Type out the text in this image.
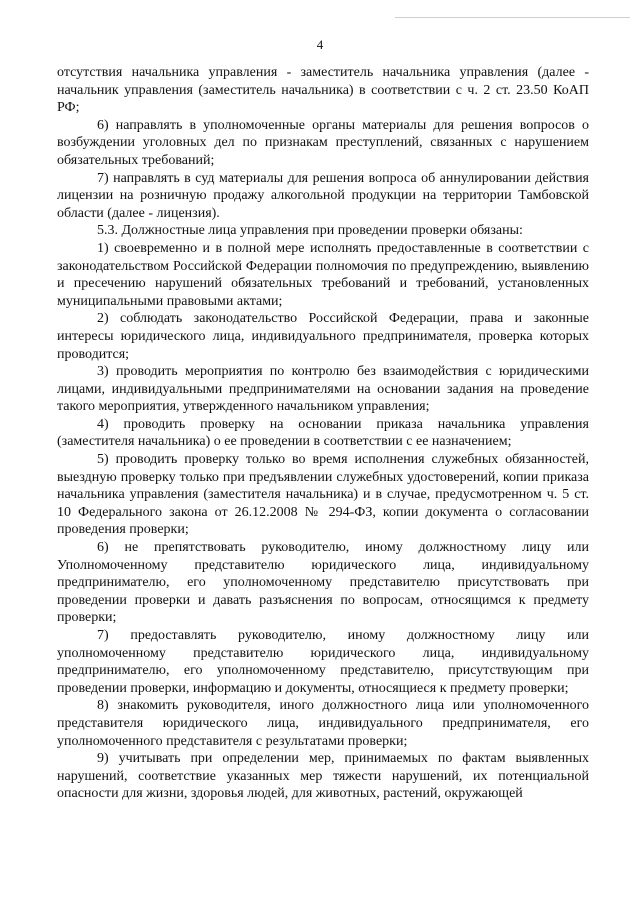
4

отсутствия начальника управления - заместитель начальника управления (далее - начальник управления (заместитель начальника) в соответствии с ч. 2 ст. 23.50 КоАП РФ;

6) направлять в уполномоченные органы материалы для решения вопросов о возбуждении уголовных дел по признакам преступлений, связанных с нарушением обязательных требований;

7) направлять в суд материалы для решения вопроса об аннулировании действия лицензии на розничную продажу алкогольной продукции на территории Тамбовской области (далее - лицензия).

5.3. Должностные лица управления при проведении проверки обязаны:

1) своевременно и в полной мере исполнять предоставленные в соответствии с законодательством Российской Федерации полномочия по предупреждению, выявлению и пресечению нарушений обязательных требований и требований, установленных муниципальными правовыми актами;

2) соблюдать законодательство Российской Федерации, права и законные интересы юридического лица, индивидуального предпринимателя, проверка которых проводится;

3) проводить мероприятия по контролю без взаимодействия с юридическими лицами, индивидуальными предпринимателями на основании задания на проведение такого мероприятия, утвержденного начальником управления;

4) проводить проверку на основании приказа начальника управления (заместителя начальника) о ее проведении в соответствии с ее назначением;

5) проводить проверку только во время исполнения служебных обязанностей, выездную проверку только при предъявлении служебных удостоверений, копии приказа начальника управления (заместителя начальника) и в случае, предусмотренном ч. 5 ст. 10 Федерального закона от 26.12.2008 № 294-ФЗ, копии документа о согласовании проведения проверки;

6) не препятствовать руководителю, иному должностному лицу или Уполномоченному представителю юридического лица, индивидуальному предпринимателю, его уполномоченному представителю присутствовать при проведении проверки и давать разъяснения по вопросам, относящимся к предмету проверки;

7) предоставлять руководителю, иному должностному лицу или уполномоченному представителю юридического лица, индивидуальному предпринимателю, его уполномоченному представителю, присутствующим при проведении проверки, информацию и документы, относящиеся к предмету проверки;

8) знакомить руководителя, иного должностного лица или уполномоченного представителя юридического лица, индивидуального предпринимателя, его уполномоченного представителя с результатами проверки;

9) учитывать при определении мер, принимаемых по фактам выявленных нарушений, соответствие указанных мер тяжести нарушений, их потенциальной опасности для жизни, здоровья людей, для животных, растений, окружающей
